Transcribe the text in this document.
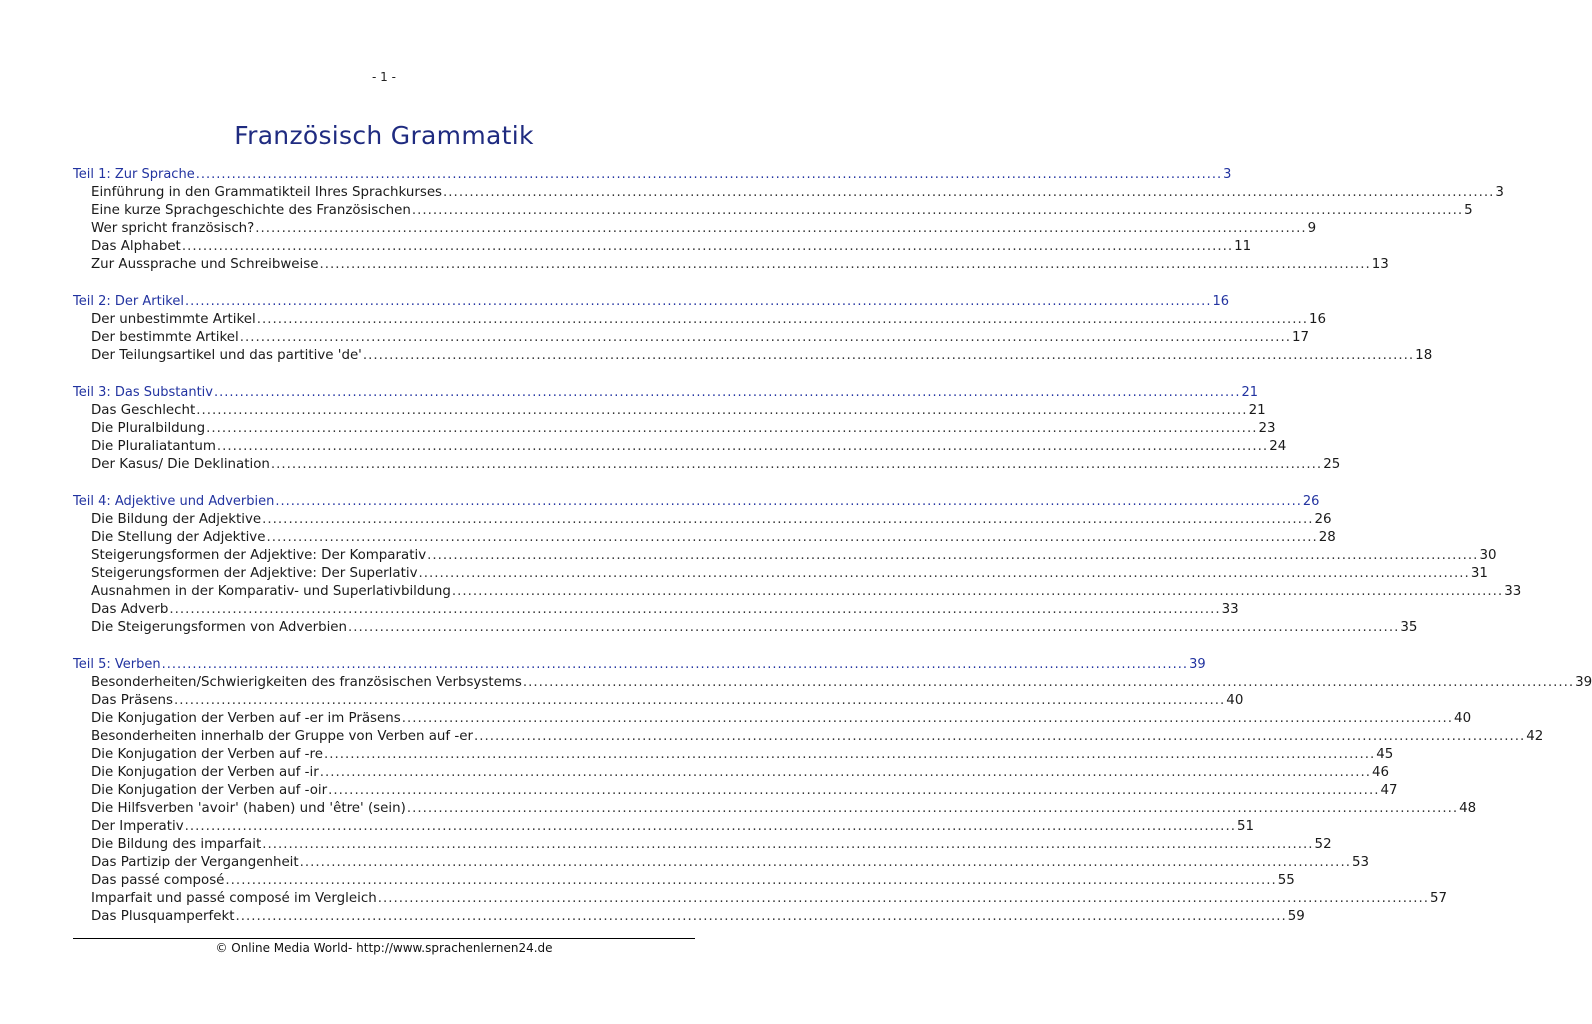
- 1 -
Französisch Grammatik
Teil 1: Zur Sprache ........................................................................................................................................................................................................ 3
Einführung in den Grammatikteil Ihres Sprachkurses ........................................................................................................................................................................................................ 3
Eine kurze Sprachgeschichte des Französischen ........................................................................................................................................................................................................ 5
Wer spricht französisch? ........................................................................................................................................................................................................ 9
Das Alphabet ........................................................................................................................................................................................................ 11
Zur Aussprache und Schreibweise ........................................................................................................................................................................................................ 13
Teil 2: Der Artikel ........................................................................................................................................................................................................ 16
Der unbestimmte Artikel ........................................................................................................................................................................................................ 16
Der bestimmte Artikel ........................................................................................................................................................................................................ 17
Der Teilungsartikel und das partitive 'de' ........................................................................................................................................................................................................ 18
Teil 3: Das Substantiv ........................................................................................................................................................................................................ 21
Das Geschlecht ........................................................................................................................................................................................................ 21
Die Pluralbildung ........................................................................................................................................................................................................ 23
Die Pluraliatantum ........................................................................................................................................................................................................ 24
Der Kasus/ Die Deklination ........................................................................................................................................................................................................ 25
Teil 4: Adjektive und Adverbien ........................................................................................................................................................................................................ 26
Die Bildung der Adjektive ........................................................................................................................................................................................................ 26
Die Stellung der Adjektive ........................................................................................................................................................................................................ 28
Steigerungsformen der Adjektive: Der Komparativ ........................................................................................................................................................................................................ 30
Steigerungsformen der Adjektive: Der Superlativ ........................................................................................................................................................................................................ 31
Ausnahmen in der Komparativ- und Superlativbildung ........................................................................................................................................................................................................ 33
Das Adverb ........................................................................................................................................................................................................ 33
Die Steigerungsformen von Adverbien ........................................................................................................................................................................................................ 35
Teil 5: Verben ........................................................................................................................................................................................................ 39
Besonderheiten/Schwierigkeiten des französischen Verbsystems ........................................................................................................................................................................................................ 39
Das Präsens ........................................................................................................................................................................................................ 40
Die Konjugation der Verben auf -er im Präsens ........................................................................................................................................................................................................ 40
Besonderheiten innerhalb der Gruppe von Verben auf -er ........................................................................................................................................................................................................ 42
Die Konjugation der Verben auf -re ........................................................................................................................................................................................................ 45
Die Konjugation der Verben auf -ir ........................................................................................................................................................................................................ 46
Die Konjugation der Verben auf -oir ........................................................................................................................................................................................................ 47
Die Hilfsverben 'avoir' (haben) und 'être' (sein) ........................................................................................................................................................................................................ 48
Der Imperativ ........................................................................................................................................................................................................ 51
Die Bildung des imparfait ........................................................................................................................................................................................................ 52
Das Partizip der Vergangenheit ........................................................................................................................................................................................................ 53
Das passé composé ........................................................................................................................................................................................................ 55
Imparfait und passé composé im Vergleich ........................................................................................................................................................................................................ 57
Das Plusquamperfekt ........................................................................................................................................................................................................ 59
© Online Media World- http://www.sprachenlernen24.de
